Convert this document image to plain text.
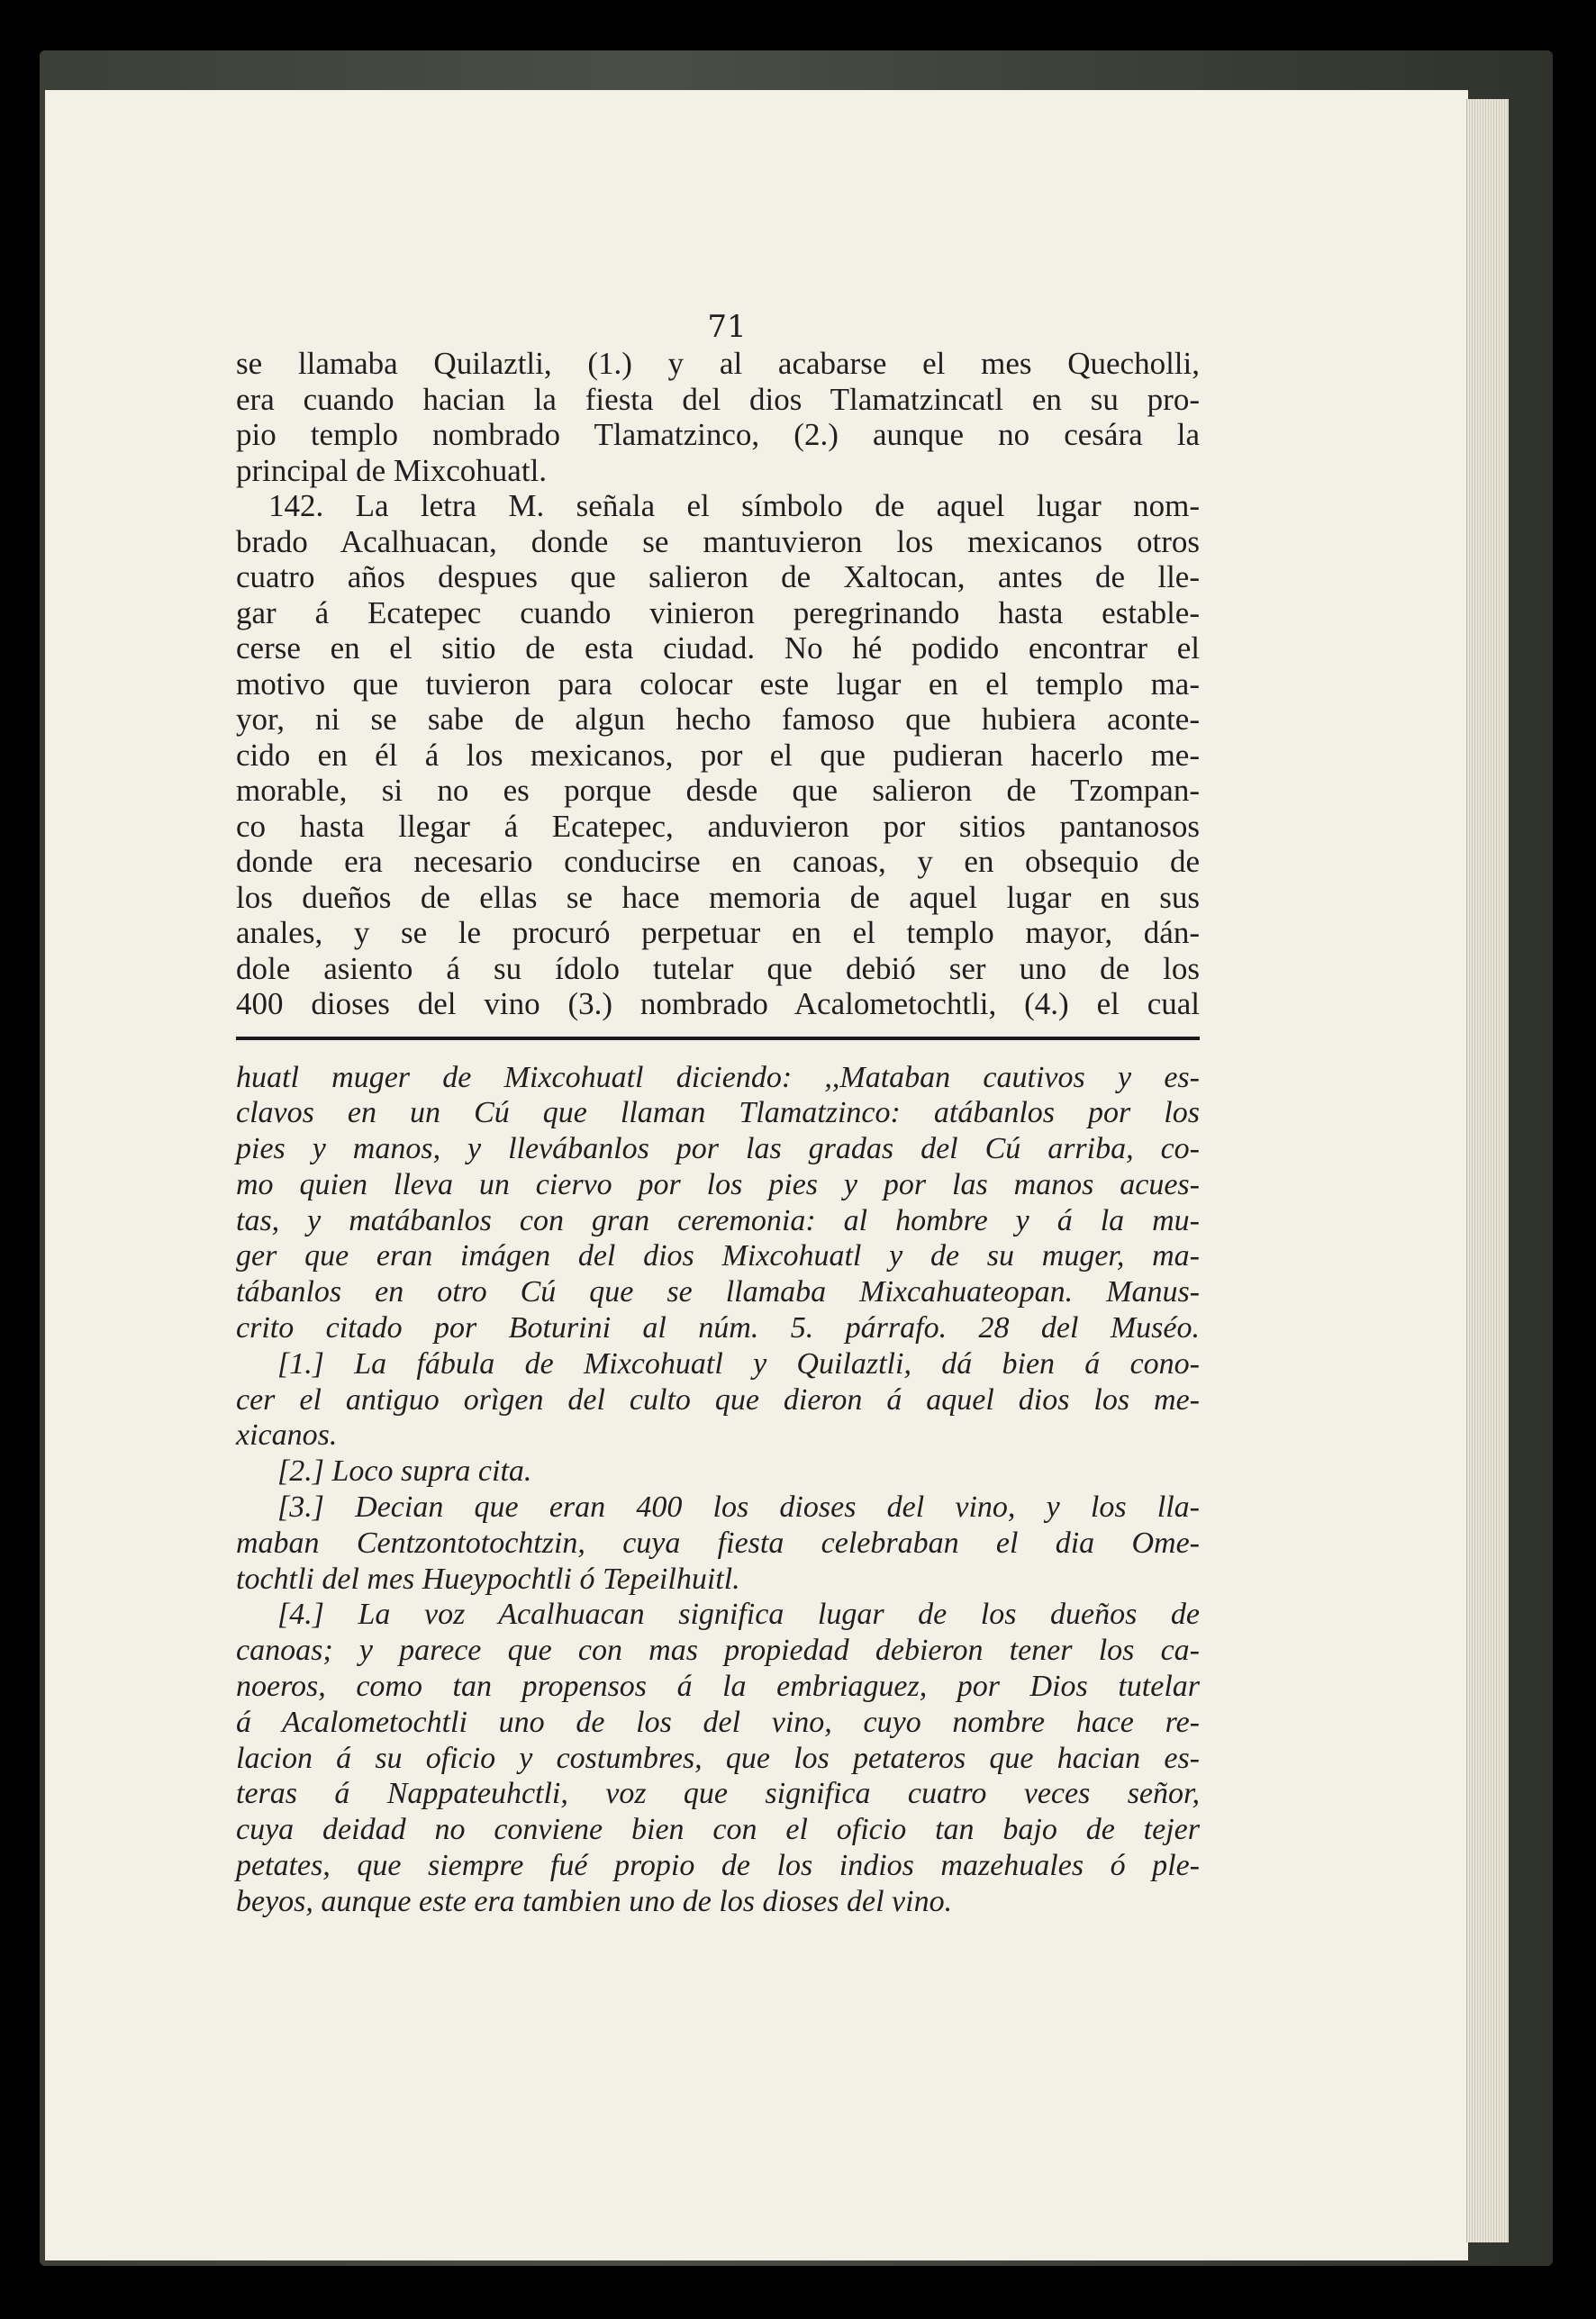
71
se llamaba Quilaztli, (1.) y al acabarse el mes Quecholli,
era cuando hacian la fiesta del dios Tlamatzincatl en su pro-
pio templo nombrado Tlamatzinco, (2.) aunque no cesára la
principal de Mixcohuatl.
142. La letra M. señala el símbolo de aquel lugar nom-
brado Acalhuacan, donde se mantuvieron los mexicanos otros
cuatro años despues que salieron de Xaltocan, antes de lle-
gar á Ecatepec cuando vinieron peregrinando hasta estable-
cerse en el sitio de esta ciudad. No hé podido encontrar el
motivo que tuvieron para colocar este lugar en el templo ma-
yor, ni se sabe de algun hecho famoso que hubiera aconte-
cido en él á los mexicanos, por el que pudieran hacerlo me-
morable, si no es porque desde que salieron de Tzompan-
co hasta llegar á Ecatepec, anduvieron por sitios pantanosos
donde era necesario conducirse en canoas, y en obsequio de
los dueños de ellas se hace memoria de aquel lugar en sus
anales, y se le procuró perpetuar en el templo mayor, dán-
dole asiento á su ídolo tutelar que debió ser uno de los
400 dioses del vino (3.) nombrado Acalometochtli, (4.) el cual
huatl muger de Mixcohuatl diciendo: ,,Mataban cautivos y es-
clavos en un Cú que llaman Tlamatzinco: atábanlos por los
pies y manos, y llevábanlos por las gradas del Cú arriba, co-
mo quien lleva un ciervo por los pies y por las manos acues-
tas, y matábanlos con gran ceremonia: al hombre y á la mu-
ger que eran imágen del dios Mixcohuatl y de su muger, ma-
tábanlos en otro Cú que se llamaba Mixcahuateopan. Manus-
crito citado por Boturini al núm. 5. párrafo. 28 del Muséo.
[1.] La fábula de Mixcohuatl y Quilaztli, dá bien á cono-
cer el antiguo orìgen del culto que dieron á aquel dios los me-
xicanos.
[2.] Loco supra cita.
[3.] Decian que eran 400 los dioses del vino, y los lla-
maban Centzontotochtzin, cuya fiesta celebraban el dia Ome-
tochtli del mes Hueypochtli ó Tepeilhuitl.
[4.] La voz Acalhuacan significa lugar de los dueños de
canoas; y parece que con mas propiedad debieron tener los ca-
noeros, como tan propensos á la embriaguez, por Dios tutelar
á Acalometochtli uno de los del vino, cuyo nombre hace re-
lacion á su oficio y costumbres, que los petateros que hacian es-
teras á Nappateuhctli, voz que significa cuatro veces señor,
cuya deidad no conviene bien con el oficio tan bajo de tejer
petates, que siempre fué propio de los indios mazehuales ó ple-
beyos, aunque este era tambien uno de los dioses del vino.
